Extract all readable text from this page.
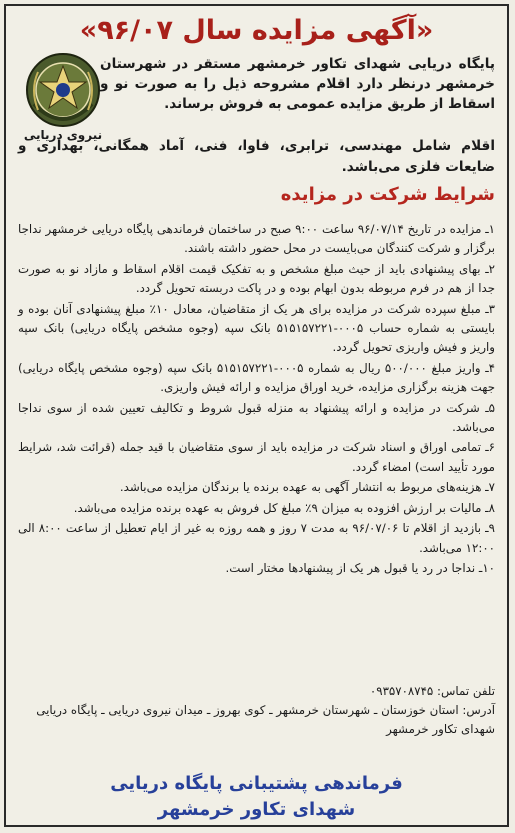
«آگهی مزایده سال ۹۶/۰۷»
نیروی دریایی
پایگاه دریایی شهدای تکاور خرمشهر مستقر در شهرستان خرمشهر درنظر دارد اقلام مشروحه ذیل را به صورت نو و اسقاط از طریق مزایده عمومی به فروش برساند.
اقلام شامل مهندسی، ترابری، فاوا، فنی، آماد همگانی، بهداری و ضایعات فلزی می‌باشد.
شرایط شرکت در مزایده

۱ـ مزایده در تاریخ ۹۶/۰۷/۱۴ ساعت ۹:۰۰ صبح در ساختمان فرماندهی پایگاه دریایی خرمشهر نداجا برگزار و شرکت کنندگان می‌بایست در محل حضور داشته باشند.

۲ـ بهای پیشنهادی باید از حیث مبلغ مشخص و به تفکیک قیمت اقلام اسقاط و مازاد نو به صورت جدا از هم در فرم مربوطه بدون ابهام بوده و در پاکت دربسته تحویل گردد.

۳ـ مبلغ سپرده شرکت در مزایده برای هر یک از متقاضیان، معادل ۱۰٪ مبلغ پیشنهادی آنان بوده و بایستی به شماره حساب ۰۰۰۵-۵۱۵۱۵۷۲۲۱ بانک سپه (وجوه مشخص پایگاه دریایی) بانک سپه واریز و فیش واریزی تحویل گردد.

۴ـ واریز مبلغ ۵۰۰/۰۰۰ ریال به شماره ۰۰۰۵-۵۱۵۱۵۷۲۲۱ بانک سپه (وجوه مشخص پایگاه دریایی) جهت هزینه برگزاری مزایده، خرید اوراق مزایده و ارائه فیش واریزی.

۵ـ شرکت در مزایده و ارائه پیشنهاد به منزله قبول شروط و تکالیف تعیین شده از سوی نداجا می‌باشد.

۶ـ تمامی اوراق و اسناد شرکت در مزایده باید از سوی متقاضیان با قید جمله (قرائت شد، شرایط مورد تأیید است) امضاء گردد.

۷ـ هزینه‌های مربوط به انتشار آگهی به عهده برنده یا برندگان مزایده می‌باشد.

۸ـ مالیات بر ارزش افزوده به میزان ۹٪ مبلغ کل فروش به عهده برنده مزایده می‌باشد.

۹ـ بازدید از اقلام تا ۹۶/۰۷/۰۶ به مدت ۷ روز و همه روزه به غیر از ایام تعطیل از ساعت ۸:۰۰ الی ۱۲:۰۰ می‌باشد.

۱۰ـ نداجا در رد یا قبول هر یک از پیشنهادها مختار است.

تلفن تماس: ۰۹۳۵۷۰۸۷۴۵

آدرس: استان خوزستان ـ شهرستان خرمشهر ـ کوی بهروز ـ میدان نیروی دریایی ـ پایگاه دریایی شهدای تکاور خرمشهر

فرماندهی پشتیبانی پایگاه دریایی
شهدای تکاور خرمشهر
